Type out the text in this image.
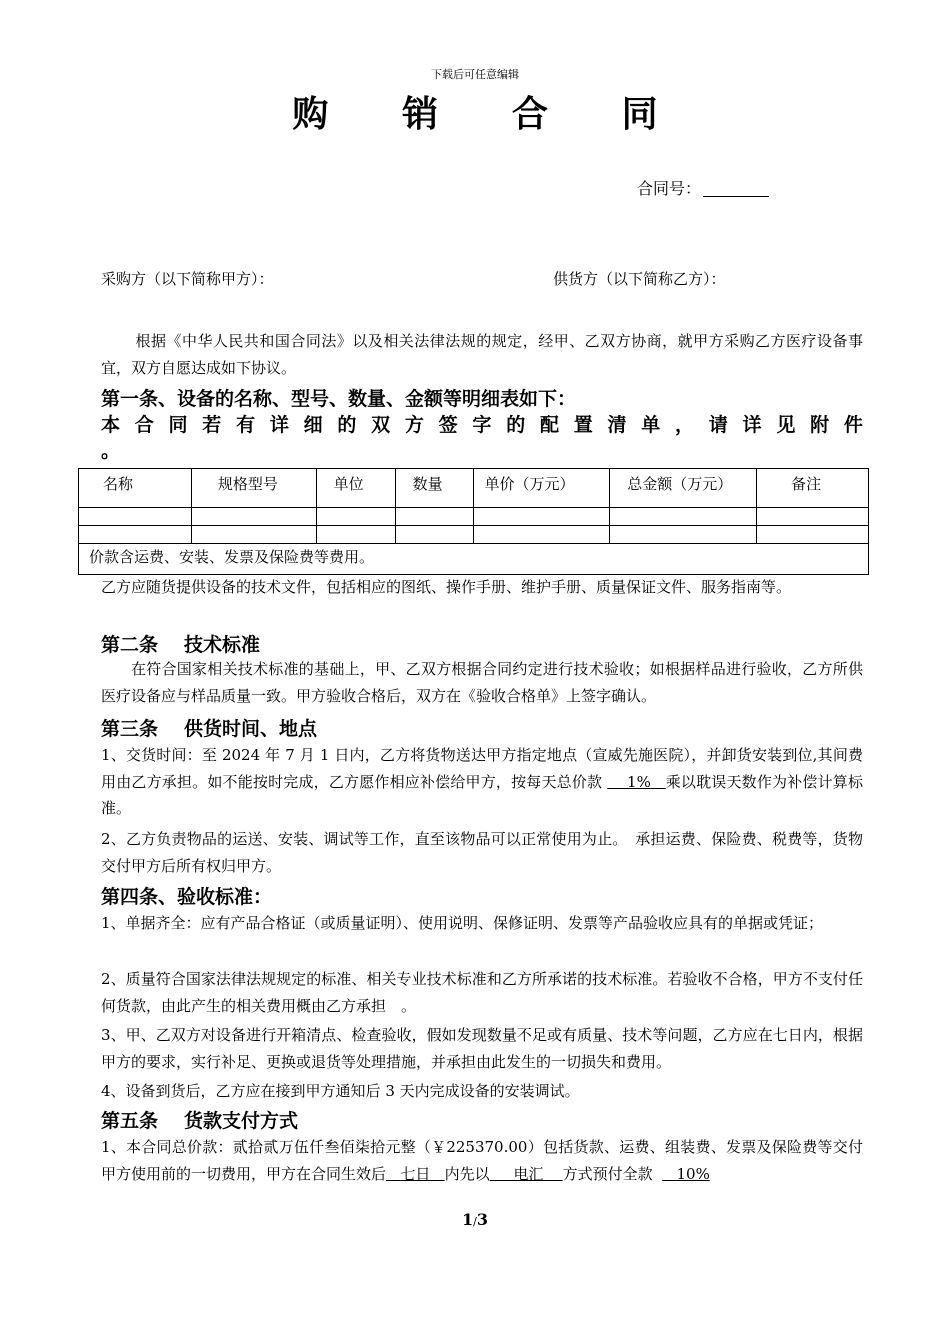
下载后可任意编辑
购 销 合 同
合同号：
采购方（以下简称甲方）：	供货方（以下简称乙方）：
根据《中华人民共和国合同法》以及相关法律法规的规定，经甲、乙双方协商，就甲方采购乙方医疗设备事宜，双方自愿达成如下协议。
第一条、设备的名称、型号、数量、金额等明细表如下：
本 合 同 若 有 详 细 的 双 方 签 字 的 配 置 清 单 ， 请 详 见 附 件
。
名称	规格型号	单位	数量	单价（万元）	总金额（万元）	备注

价款含运费、安装、发票及保险费等费用。						
乙方应随货提供设备的技术文件，包括相应的图纸、操作手册、维护手册、质量保证文件、服务指南等。
第二条 技术标准
在符合国家相关技术标准的基础上，甲、乙双方根据合同约定进行技术验收；如根据样品进行验收，乙方所供医疗设备应与样品质量一致。甲方验收合格后，双方在《验收合格单》上签字确认。
第三条 供货时间、地点
1、交货时间：至 2024 年 7 月 1 日内，乙方将货物送达甲方指定地点（宣威先施医院），并卸货安装到位,其间费用由乙方承担。如不能按时完成，乙方愿作相应补偿给甲方，按每天总价款 1% 乘以耽误天数作为补偿计算标准。
2、乙方负责物品的运送、安装、调试等工作，直至该物品可以正常使用为止。　承担运费、保险费、税费等，货物交付甲方后所有权归甲方。
第四条、验收标准：
1、单据齐全：应有产品合格证（或质量证明）、使用说明、保修证明、发票等产品验收应具有的单据或凭证；
2、质量符合国家法律法规规定的标准、相关专业技术标准和乙方所承诺的技术标准。若验收不合格，甲方不支付任何货款，由此产生的相关费用概由乙方承担　。
3、甲、乙双方对设备进行开箱清点、检查验收，假如发现数量不足或有质量、技术等问题，乙方应在七日内，根据甲方的要求，实行补足、更换或退货等处理措施，并承担由此发生的一切损失和费用。
4、设备到货后，乙方应在接到甲方通知后 3 天内完成设备的安装调试。
第五条 货款支付方式
1、本合同总价款：贰拾贰万伍仟叁佰柒拾元整（￥225370.00）包括货款、运费、组装费、发票及保险费等交付甲方使用前的一切费用，甲方在合同生效后 七日 内先以 电汇 方式预付全款 10%
1/3
